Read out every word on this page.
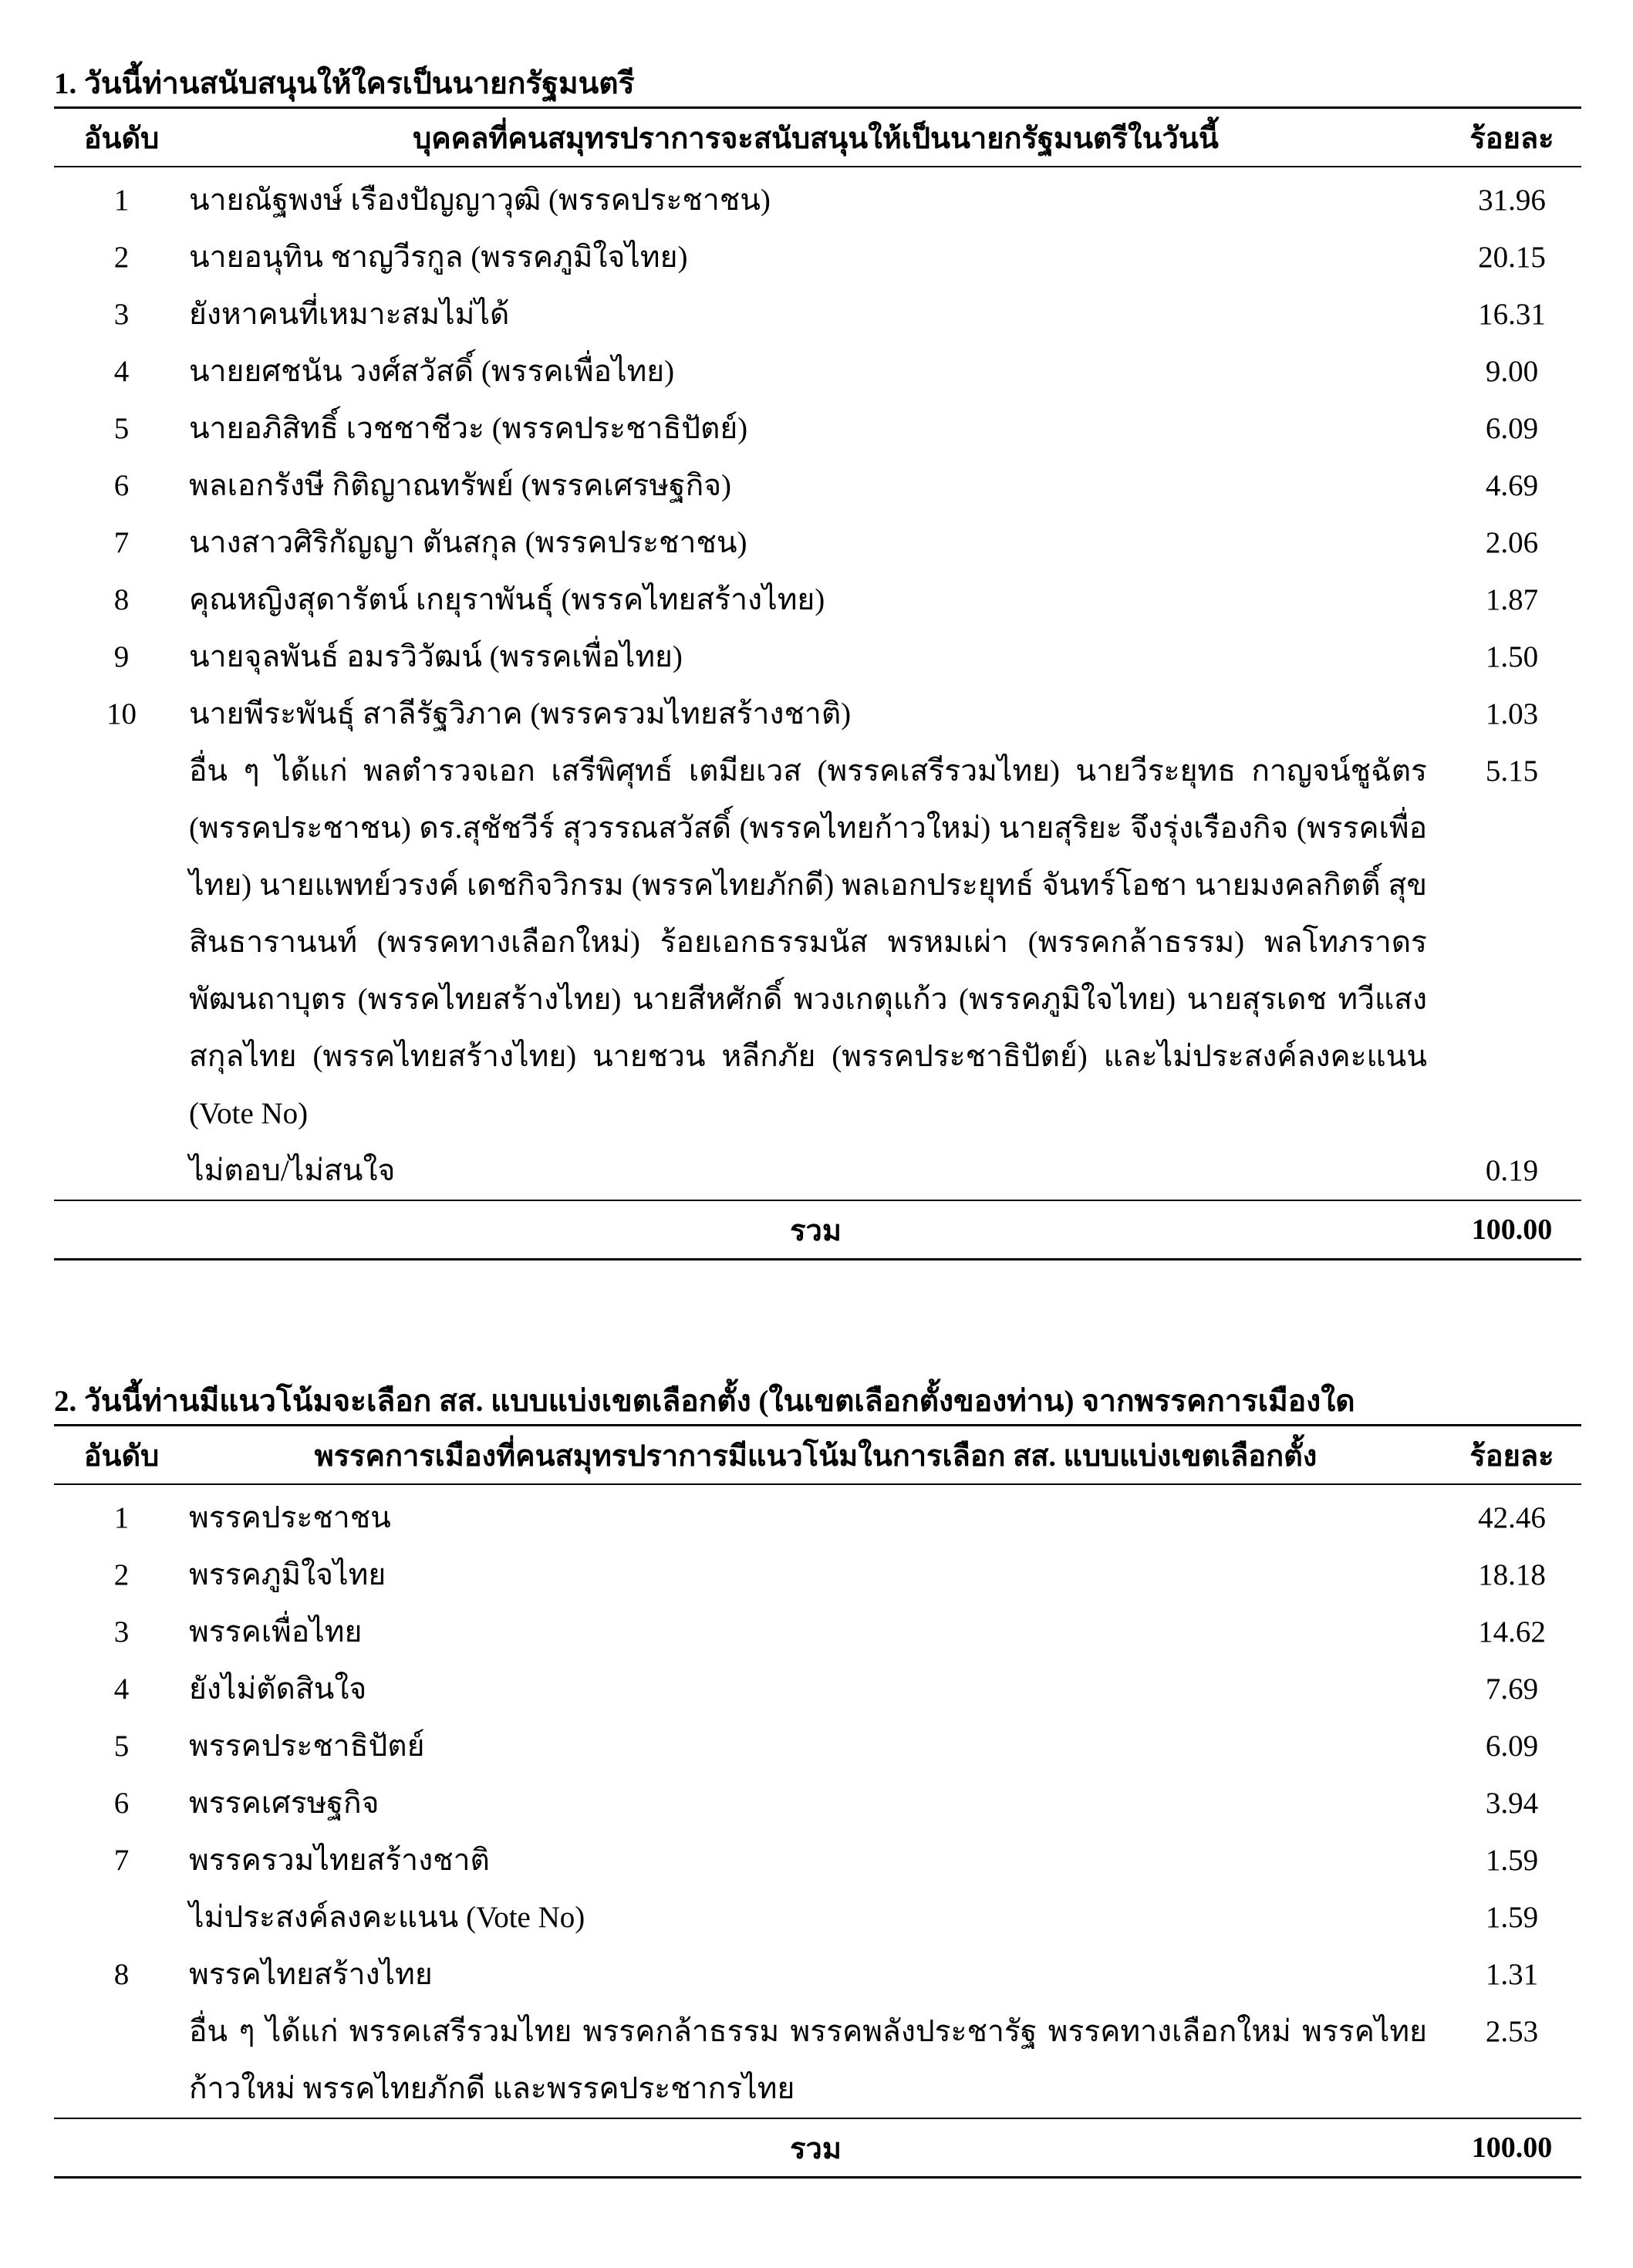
1. วันนี้ท่านสนับสนุนให้ใครเป็นนายกรัฐมนตรี
อันดับ	บุคคลที่คนสมุทรปราการจะสนับสนุนให้เป็นนายกรัฐมนตรีในวันนี้	ร้อยละ
1	นายณัฐพงษ์ เรืองปัญญาวุฒิ (พรรคประชาชน)	31.96
2	นายอนุทิน ชาญวีรกูล (พรรคภูมิใจไทย)	20.15
3	ยังหาคนที่เหมาะสมไม่ได้	16.31
4	นายยศชนัน วงศ์สวัสดิ์ (พรรคเพื่อไทย)	9.00
5	นายอภิสิทธิ์ เวชชาชีวะ (พรรคประชาธิปัตย์)	6.09
6	พลเอกรังษี กิติญาณทรัพย์ (พรรคเศรษฐกิจ)	4.69
7	นางสาวศิริกัญญา ตันสกุล (พรรคประชาชน)	2.06
8	คุณหญิงสุดารัตน์ เกยุราพันธุ์ (พรรคไทยสร้างไทย)	1.87
9	นายจุลพันธ์ อมรวิวัฒน์ (พรรคเพื่อไทย)	1.50
10	นายพีระพันธุ์ สาลีรัฐวิภาค (พรรครวมไทยสร้างชาติ)	1.03
	อื่น ๆ ได้แก่ พลตำรวจเอก เสรีพิศุทธ์ เตมียเวส (พรรคเสรีรวมไทย) นายวีระยุทธ กาญจน์ชูฉัตร (พรรคประชาชน) ดร.สุชัชวีร์ สุวรรณสวัสดิ์ (พรรคไทยก้าวใหม่) นายสุริยะ จึงรุ่งเรืองกิจ (พรรคเพื่อไทย) นายแพทย์วรงค์ เดชกิจวิกรม (พรรคไทยภักดี) พลเอกประยุทธ์ จันทร์โอชา นายมงคลกิตติ์ สุขสินธารานนท์ (พรรคทางเลือกใหม่) ร้อยเอกธรรมนัส พรหมเผ่า (พรรคกล้าธรรม) พลโทภราดร พัฒนถาบุตร (พรรคไทยสร้างไทย) นายสีหศักดิ์ พวงเกตุแก้ว (พรรคภูมิใจไทย) นายสุรเดช ทวีแสงสกุลไทย (พรรคไทยสร้างไทย) นายชวน หลีกภัย (พรรคประชาธิปัตย์) และไม่ประสงค์ลงคะแนน (Vote No)	5.15
	ไม่ตอบ/ไม่สนใจ	0.19
	รวม	100.00
2. วันนี้ท่านมีแนวโน้มจะเลือก สส. แบบแบ่งเขตเลือกตั้ง (ในเขตเลือกตั้งของท่าน) จากพรรคการเมืองใด
อันดับ	พรรคการเมืองที่คนสมุทรปราการมีแนวโน้มในการเลือก สส. แบบแบ่งเขตเลือกตั้ง	ร้อยละ
1	พรรคประชาชน	42.46
2	พรรคภูมิใจไทย	18.18
3	พรรคเพื่อไทย	14.62
4	ยังไม่ตัดสินใจ	7.69
5	พรรคประชาธิปัตย์	6.09
6	พรรคเศรษฐกิจ	3.94
7	พรรครวมไทยสร้างชาติ	1.59
	ไม่ประสงค์ลงคะแนน (Vote No)	1.59
8	พรรคไทยสร้างไทย	1.31
	อื่น ๆ ได้แก่ พรรคเสรีรวมไทย พรรคกล้าธรรม พรรคพลังประชารัฐ พรรคทางเลือกใหม่ พรรคไทยก้าวใหม่ พรรคไทยภักดี และพรรคประชากรไทย	2.53
	รวม	100.00
